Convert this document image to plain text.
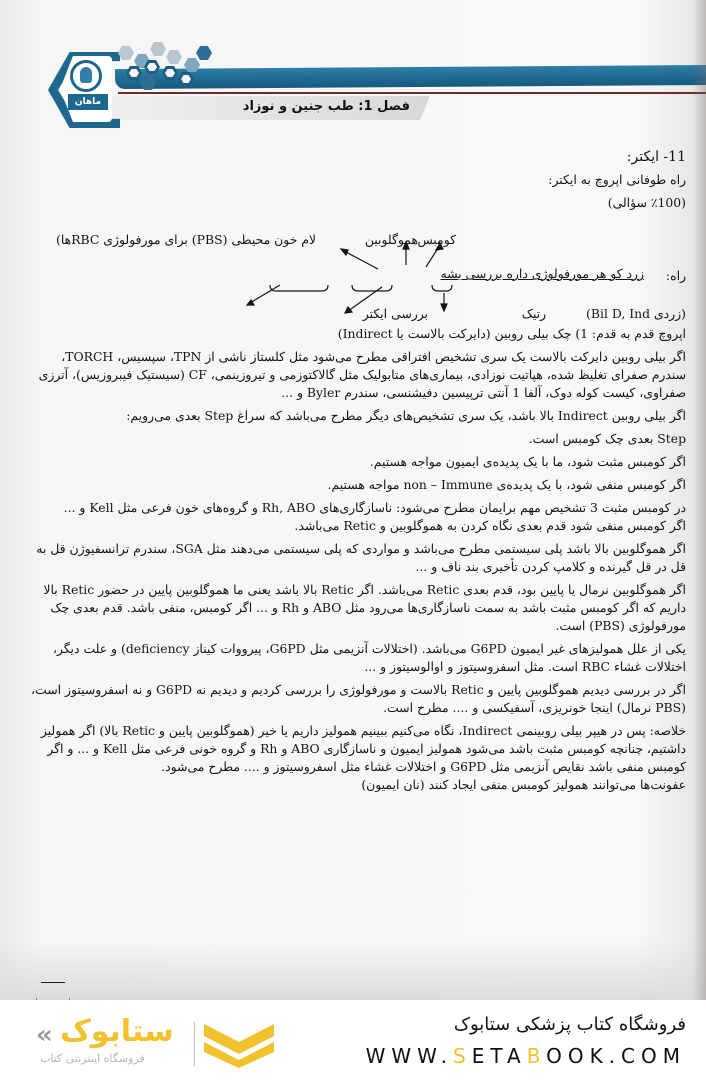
فصل 1: طب جنین و نوزاد
ماهان

11- ایکتر:

راه طوفانی اپروچ به ایکتر:

(٪100 سؤالی)

کومبس
هموگلوبین
لام خون محیطی (PBS) برای مورفولوژی RBCها)
راه:
زرد کو هر مورفولوژی داره بررسی بشه
(زردی Bil D, Ind)
رتیک
بررسی ایکتر

اپروچ قدم به قدم: 1) چک بیلی روبین (دایرکت بالاست یا Indirect)

اگر بیلی روبین دایرکت بالاست یک سری تشخیص افتراقی مطرح می‌شود مثل کلستاز ناشی از TPN، سپسیس، TORCH، سندرم صفرای تغلیظ شده، هپاتیت نوزادی، بیماری‌های متابولیک مثل گالاکتوزمی و تیروزینمی، CF (سیستیک فیبروزیس)، آترزی صفراوی، کیست کوله دوک، آلفا 1 آنتی ترپیسین دفیشنسی، سندرم Byler و ...

اگر بیلی روبین Indirect بالا باشد، یک سری تشخیص‌های دیگر مطرح می‌باشد که سراغ Step بعدی می‌رویم:

Step بعدی چک کومبس است.

اگر کومبس مثبت شود، ما با یک پدیده‌ی ایمیون مواجه هستیم.

اگر کومبس منفی شود، با یک پدیده‌ی non – Immune مواجه هستیم.

در کومبس مثبت 3 تشخیص مهم برایمان مطرح می‌شود: ناسازگاری‌های Rh, ABO و گروه‌های خون فرعی مثل Kell و ...

اگر کومبس منفی شود قدم بعدی نگاه کردن به هموگلوبین و Retic می‌باشد.

اگر هموگلوبین بالا باشد پلی سیستمی مطرح می‌باشد و مواردی که پلی سیستمی می‌دهند مثل SGA، سندرم ترانسفیوژن قل به قل در قل گیرنده و کلامپ کردن تأخیری بند ناف و ...

اگر هموگلوبین نرمال یا پایین بود، قدم بعدی Retic می‌باشد. اگر Retic بالا باشد یعنی ما هموگلوبین پایین در حضور Retic بالا داریم که اگر کومبس مثبت باشد به سمت ناسازگاری‌ها می‌رود مثل ABO و Rh و ... اگر کومبس، منفی باشد. قدم بعدی چک مورفولوژی (PBS) است.

یکی از علل همولیزهای غیر ایمیون G6PD می‌باشد. (اختلالات آنزیمی مثل G6PD، پیرووات کیناز deficiency) و علت دیگر، اختلالات غشاء RBC است. مثل اسفروسیتوز و اوالوسیتوز و ...

اگر در بررسی دیدیم هموگلوبین پایین و Retic بالاست و مورفولوژی را بررسی کردیم و دیدیم نه G6PD و نه اسفروسیتوز است، (PBS نرمال) اینجا خونریزی، آسفیکسی و .... مطرح است.

خلاصه: پس در هیپر بیلی روبینمی Indirect، نگاه می‌کنیم ببینیم همولیز داریم یا خیر (هموگلوبین پایین و Retic بالا) اگر همولیز داشتیم، چنانچه کومبس مثبت باشد می‌شود همولیز ایمیون و ناسازگاری ABO و Rh و گروه خونی فرعی مثل Kell و ... و اگر کومبس منفی باشد نقایص آنزیمی مثل G6PD و اختلالات غشاء مثل اسفروسیتوز و .... مطرح می‌شود.

عفونت‌ها می‌توانند همولیز کومبس منفی ایجاد کنند (نان ایمیون)

« ستابوک
فروشگاه اینترنتی کتاب
فروشگاه کتاب پزشکی ستابوک
WWW.SETABOOK.COM
